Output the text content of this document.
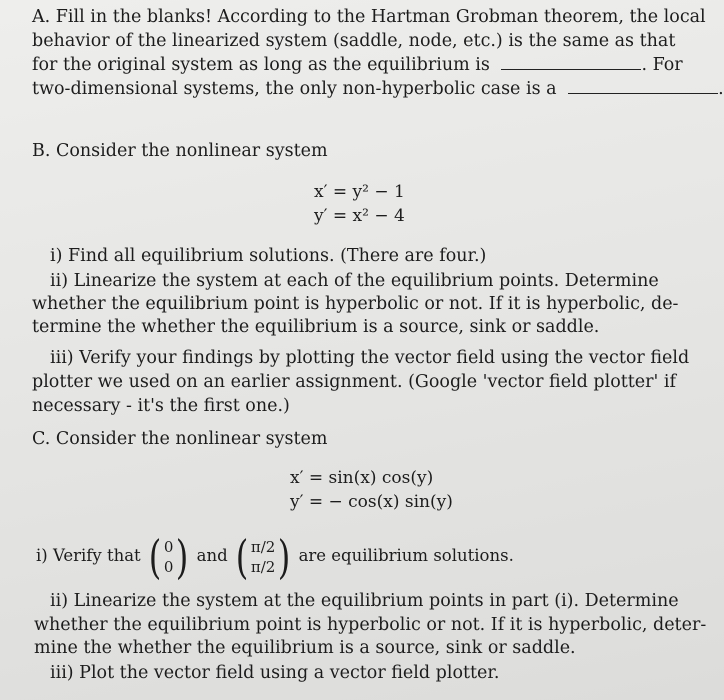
A. Fill in the blanks! According to the Hartman Grobman theorem, the local
behavior of the linearized system (saddle, node, etc.) is the same as that
for the original system as long as the equilibrium is	. For
two-dimensional systems, the only non-hyperbolic case is a	.
B. Consider the nonlinear system
x′ = y² − 1
y′ = x² − 4
i) Find all equilibrium solutions. (There are four.)
ii) Linearize the system at each of the equilibrium points. Determine
whether the equilibrium point is hyperbolic or not. If it is hyperbolic, de-
termine the whether the equilibrium is a source, sink or saddle.
iii) Verify your findings by plotting the vector field using the vector field
plotter we used on an earlier assignment. (Google 'vector field plotter' if
necessary - it's the first one.)
C. Consider the nonlinear system
x′ = sin(x) cos(y)
y′ = − cos(x) sin(y)
i) Verify that ( 0
0) and ( π/2
π/2) are equilibrium solutions.
ii) Linearize the system at the equilibrium points in part (i). Determine
whether the equilibrium point is hyperbolic or not. If it is hyperbolic, deter-
mine the whether the equilibrium is a source, sink or saddle.
iii) Plot the vector field using a vector field plotter.
